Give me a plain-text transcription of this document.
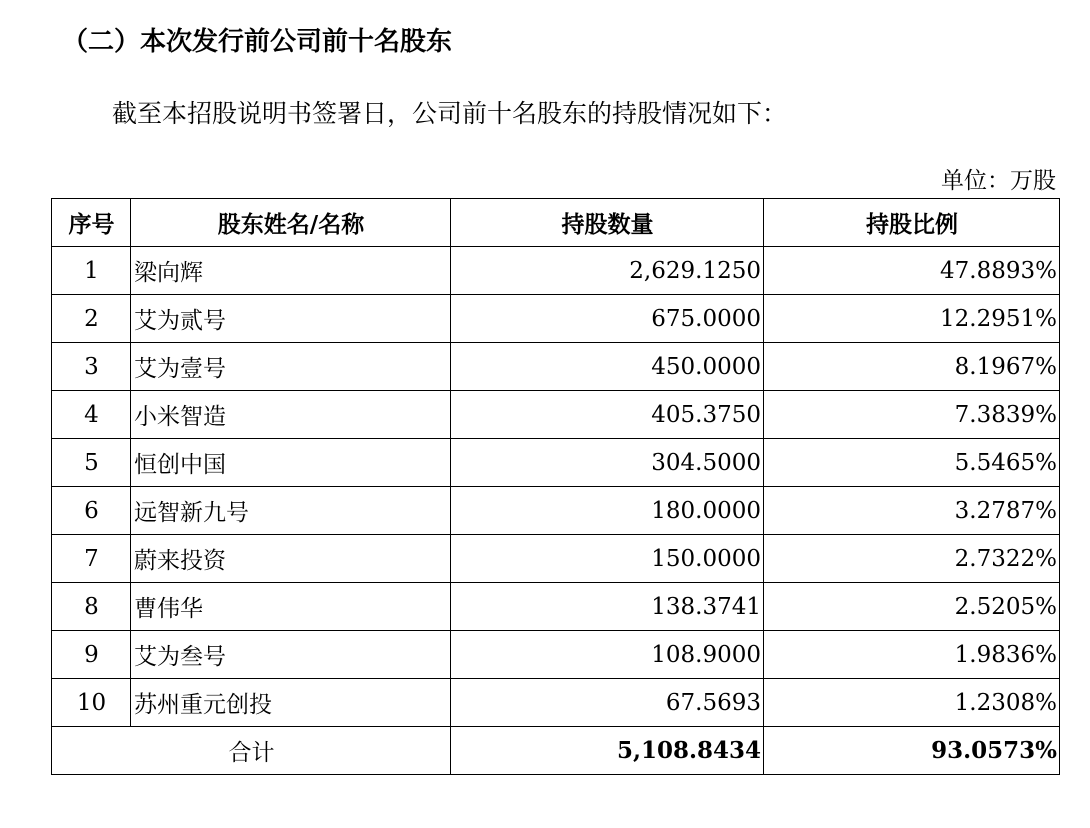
（二）本次发行前公司前十名股东
截至本招股说明书签署日，公司前十名股东的持股情况如下：
单位：万股
序号	股东姓名/名称	持股数量	持股比例
1	梁向辉	2,629.1250	47.8893%
2	艾为贰号	675.0000	12.2951%
3	艾为壹号	450.0000	8.1967%
4	小米智造	405.3750	7.3839%
5	恒创中国	304.5000	5.5465%
6	远智新九号	180.0000	3.2787%
7	蔚来投资	150.0000	2.7322%
8	曹伟华	138.3741	2.5205%
9	艾为叁号	108.9000	1.9836%
10	苏州重元创投	67.5693	1.2308%
合计		5,108.8434	93.0573%
